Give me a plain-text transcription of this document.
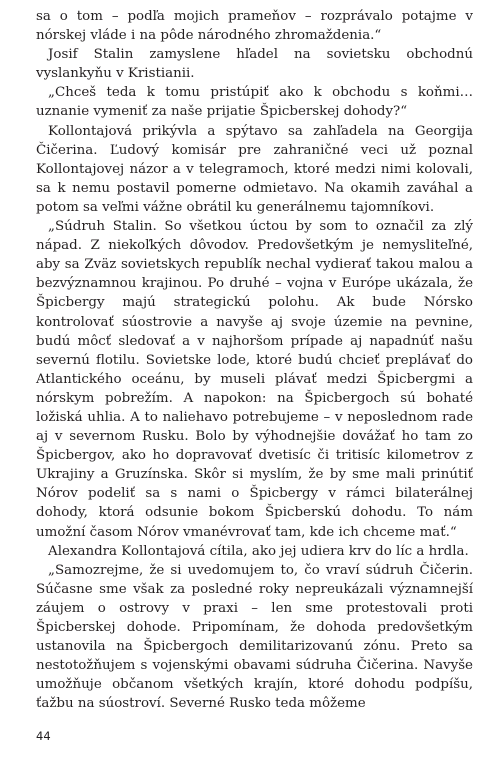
sa o tom – podľa mojich prameňov – rozprávalo potajme v nórskej vláde i na pôde národného zhromaždenia.“

Josif Stalin zamyslene hľadel na sovietsku obchodnú vyslankyňu v Kristianii.

„Chceš teda k tomu pristúpiť ako k obchodu s koňmi… uznanie vymeniť za naše prijatie Špicberskej dohody?“

Kollontajová prikývla a spýtavo sa zahľadela na Georgija Čičerina. Ľudový komisár pre zahraničné veci už poznal Kollontajovej názor a v telegramoch, ktoré medzi nimi kolovali, sa k nemu postavil pomerne odmietavo. Na okamih zaváhal a potom sa veľmi vážne obrátil ku generálnemu tajomníkovi.

„Súdruh Stalin. So všetkou úctou by som to označil za zlý nápad. Z niekoľkých dôvodov. Predovšetkým je nemysliteľné, aby sa Zväz sovietskych republík nechal vydierať takou malou a bezvýznamnou krajinou. Po druhé – vojna v Európe ukázala, že Špicbergy majú strategickú polohu. Ak bude Nórsko kontrolovať súostrovie a navyše aj svoje územie na pevnine, budú môcť sledovať a v najhoršom prípade aj napadnúť našu severnú flotilu. Sovietske lode, ktoré budú chcieť preplávať do Atlantického oceánu, by museli plávať medzi Špicbergmi a nórskym pobrežím. A napokon: na Špicbergoch sú bohaté ložiská uhlia. A to naliehavo potrebujeme – v neposlednom rade aj v severnom Rusku. Bolo by výhodnejšie dovážať ho tam zo Špicbergov, ako ho dopravovať dvetisíc či tritisíc kilometrov z Ukrajiny a Gruzínska. Skôr si myslím, že by sme mali prinútiť Nórov podeliť sa s nami o Špicbergy v rámci bilaterálnej dohody, ktorá odsunie bokom Špicberskú dohodu. To nám umožní časom Nórov vmanévrovať tam, kde ich chceme mať.“

Alexandra Kollontajová cítila, ako jej udiera krv do líc a hrdla.

„Samozrejme, že si uvedomujem to, čo vraví súdruh Čičerin. Súčasne sme však za posledné roky nepreukázali významnejší záujem o ostrovy v praxi – len sme protestovali proti Špicberskej dohode. Pripomínam, že dohoda predovšetkým ustanovila na Špicbergoch demilitarizovanú zónu. Preto sa nestotožňujem s vojenskými obavami súdruha Čičerina. Navyše umožňuje občanom všetkých krajín, ktoré dohodu podpíšu, ťažbu na súostroví. Severné Rusko teda môžeme

44
